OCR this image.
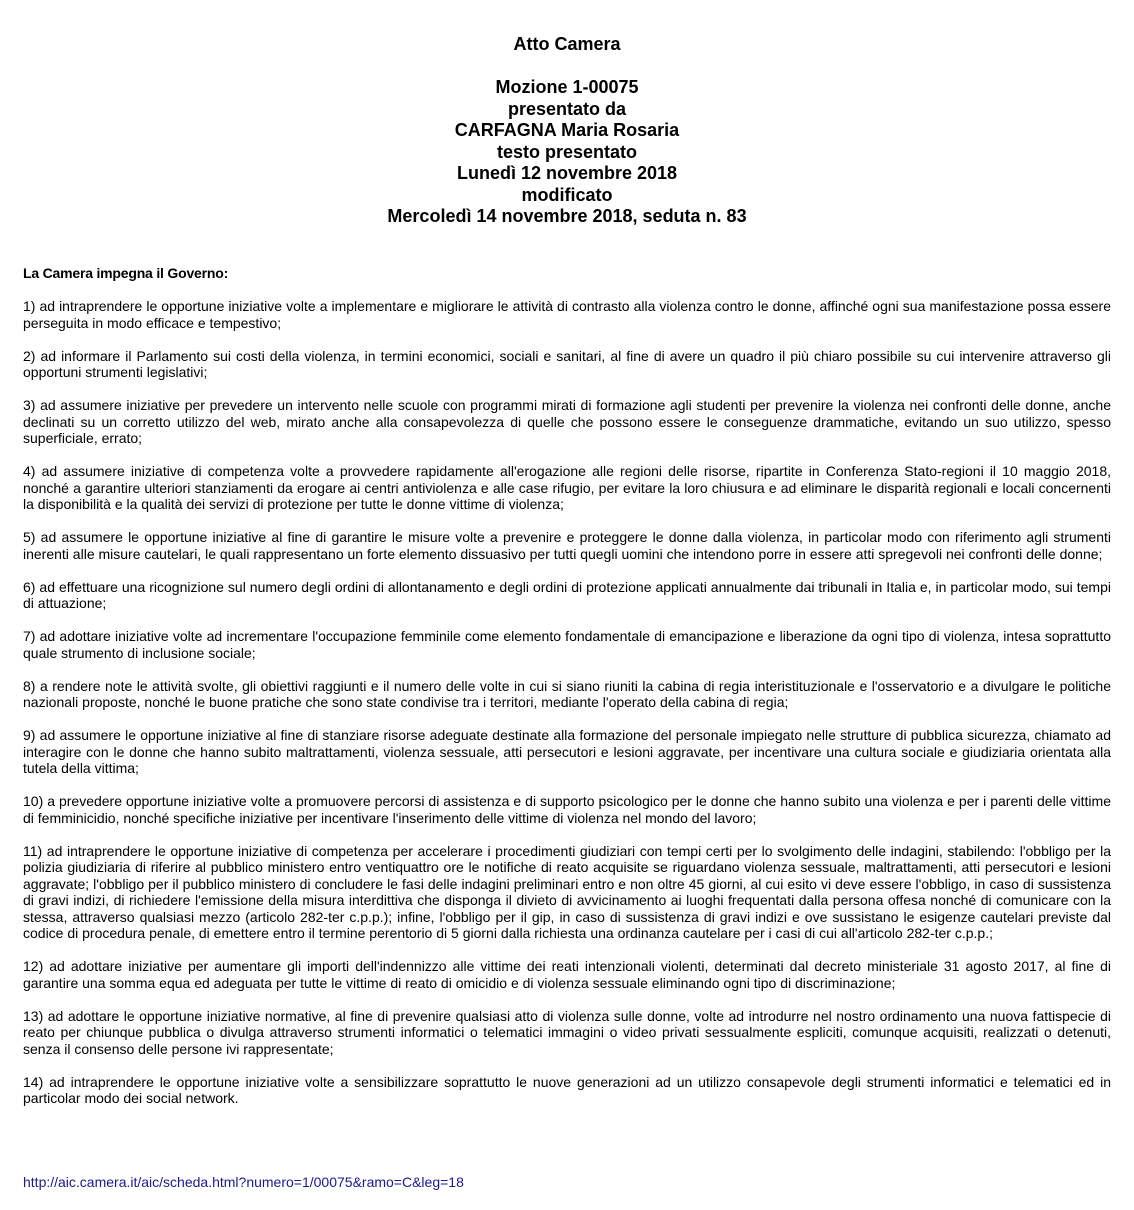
Atto Camera
Mozione 1-00075
presentato da
CARFAGNA Maria Rosaria
testo presentato
Lunedì 12 novembre 2018
modificato
Mercoledì 14 novembre 2018, seduta n. 83

La Camera impegna il Governo:

1) ad intraprendere le opportune iniziative volte a implementare e migliorare le attività di contrasto alla violenza contro le donne, affinché ogni sua manifestazione possa essere perseguita in modo efficace e tempestivo;

2) ad informare il Parlamento sui costi della violenza, in termini economici, sociali e sanitari, al fine di avere un quadro il più chiaro possibile su cui intervenire attraverso gli opportuni strumenti legislativi;

3) ad assumere iniziative per prevedere un intervento nelle scuole con programmi mirati di formazione agli studenti per prevenire la violenza nei confronti delle donne, anche declinati su un corretto utilizzo del web, mirato anche alla consapevolezza di quelle che possono essere le conseguenze drammatiche, evitando un suo utilizzo, spesso superficiale, errato;

4) ad assumere iniziative di competenza volte a provvedere rapidamente all'erogazione alle regioni delle risorse, ripartite in Conferenza Stato-regioni il 10 maggio 2018, nonché a garantire ulteriori stanziamenti da erogare ai centri antiviolenza e alle case rifugio, per evitare la loro chiusura e ad eliminare le disparità regionali e locali concernenti la disponibilità e la qualità dei servizi di protezione per tutte le donne vittime di violenza;

5) ad assumere le opportune iniziative al fine di garantire le misure volte a prevenire e proteggere le donne dalla violenza, in particolar modo con riferimento agli strumenti inerenti alle misure cautelari, le quali rappresentano un forte elemento dissuasivo per tutti quegli uomini che intendono porre in essere atti spregevoli nei confronti delle donne;

6) ad effettuare una ricognizione sul numero degli ordini di allontanamento e degli ordini di protezione applicati annualmente dai tribunali in Italia e, in particolar modo, sui tempi di attuazione;

7) ad adottare iniziative volte ad incrementare l'occupazione femminile come elemento fondamentale di emancipazione e liberazione da ogni tipo di violenza, intesa soprattutto quale strumento di inclusione sociale;

8) a rendere note le attività svolte, gli obiettivi raggiunti e il numero delle volte in cui si siano riuniti la cabina di regia interistituzionale e l'osservatorio e a divulgare le politiche nazionali proposte, nonché le buone pratiche che sono state condivise tra i territori, mediante l'operato della cabina di regia;

9) ad assumere le opportune iniziative al fine di stanziare risorse adeguate destinate alla formazione del personale impiegato nelle strutture di pubblica sicurezza, chiamato ad interagire con le donne che hanno subito maltrattamenti, violenza sessuale, atti persecutori e lesioni aggravate, per incentivare una cultura sociale e giudiziaria orientata alla tutela della vittima;

10) a prevedere opportune iniziative volte a promuovere percorsi di assistenza e di supporto psicologico per le donne che hanno subito una violenza e per i parenti delle vittime di femminicidio, nonché specifiche iniziative per incentivare l'inserimento delle vittime di violenza nel mondo del lavoro;

11) ad intraprendere le opportune iniziative di competenza per accelerare i procedimenti giudiziari con tempi certi per lo svolgimento delle indagini, stabilendo: l'obbligo per la polizia giudiziaria di riferire al pubblico ministero entro ventiquattro ore le notifiche di reato acquisite se riguardano violenza sessuale, maltrattamenti, atti persecutori e lesioni aggravate; l'obbligo per il pubblico ministero di concludere le fasi delle indagini preliminari entro e non oltre 45 giorni, al cui esito vi deve essere l'obbligo, in caso di sussistenza di gravi indizi, di richiedere l'emissione della misura interdittiva che disponga il divieto di avvicinamento ai luoghi frequentati dalla persona offesa nonché di comunicare con la stessa, attraverso qualsiasi mezzo (articolo 282-ter c.p.p.); infine, l'obbligo per il gip, in caso di sussistenza di gravi indizi e ove sussistano le esigenze cautelari previste dal codice di procedura penale, di emettere entro il termine perentorio di 5 giorni dalla richiesta una ordinanza cautelare per i casi di cui all'articolo 282-ter c.p.p.;

12) ad adottare iniziative per aumentare gli importi dell'indennizzo alle vittime dei reati intenzionali violenti, determinati dal decreto ministeriale 31 agosto 2017, al fine di garantire una somma equa ed adeguata per tutte le vittime di reato di omicidio e di violenza sessuale eliminando ogni tipo di discriminazione;

13) ad adottare le opportune iniziative normative, al fine di prevenire qualsiasi atto di violenza sulle donne, volte ad introdurre nel nostro ordinamento una nuova fattispecie di reato per chiunque pubblica o divulga attraverso strumenti informatici o telematici immagini o video privati sessualmente espliciti, comunque acquisiti, realizzati o detenuti, senza il consenso delle persone ivi rappresentate;

14) ad intraprendere le opportune iniziative volte a sensibilizzare soprattutto le nuove generazioni ad un utilizzo consapevole degli strumenti informatici e telematici ed in particolar modo dei social network.

http://aic.camera.it/aic/scheda.html?numero=1/00075&ramo=C&leg=18
